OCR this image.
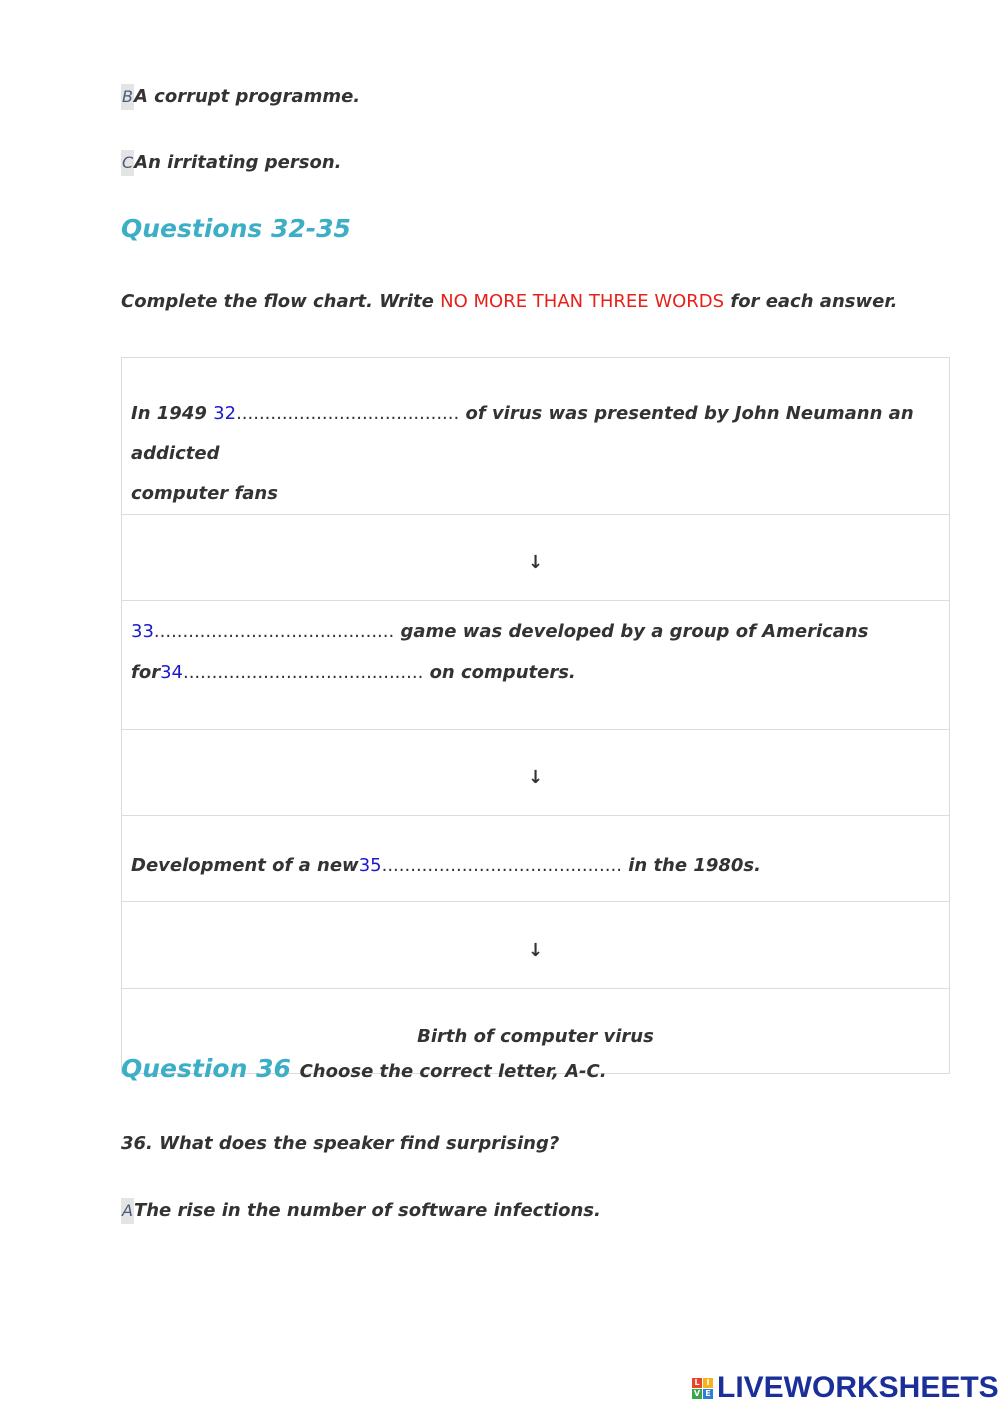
BA corrupt programme.
CAn irritating person.
Questions 32-35
Complete the flow chart. Write NO MORE THAN THREE WORDS for each answer.
In 1949 32....................................... of virus was presented by John Neumann an addicted
computer fans
↓
33.......................................... game was developed by a group of Americans
for34.......................................... on computers.
↓
Development of a new35.......................................... in the 1980s.
↓
Birth of computer virus
Question 36 Choose the correct letter, A-C.
36. What does the speaker find surprising?
AThe rise in the number of software infections.
L I
V E LIVEWORKSHEETS
